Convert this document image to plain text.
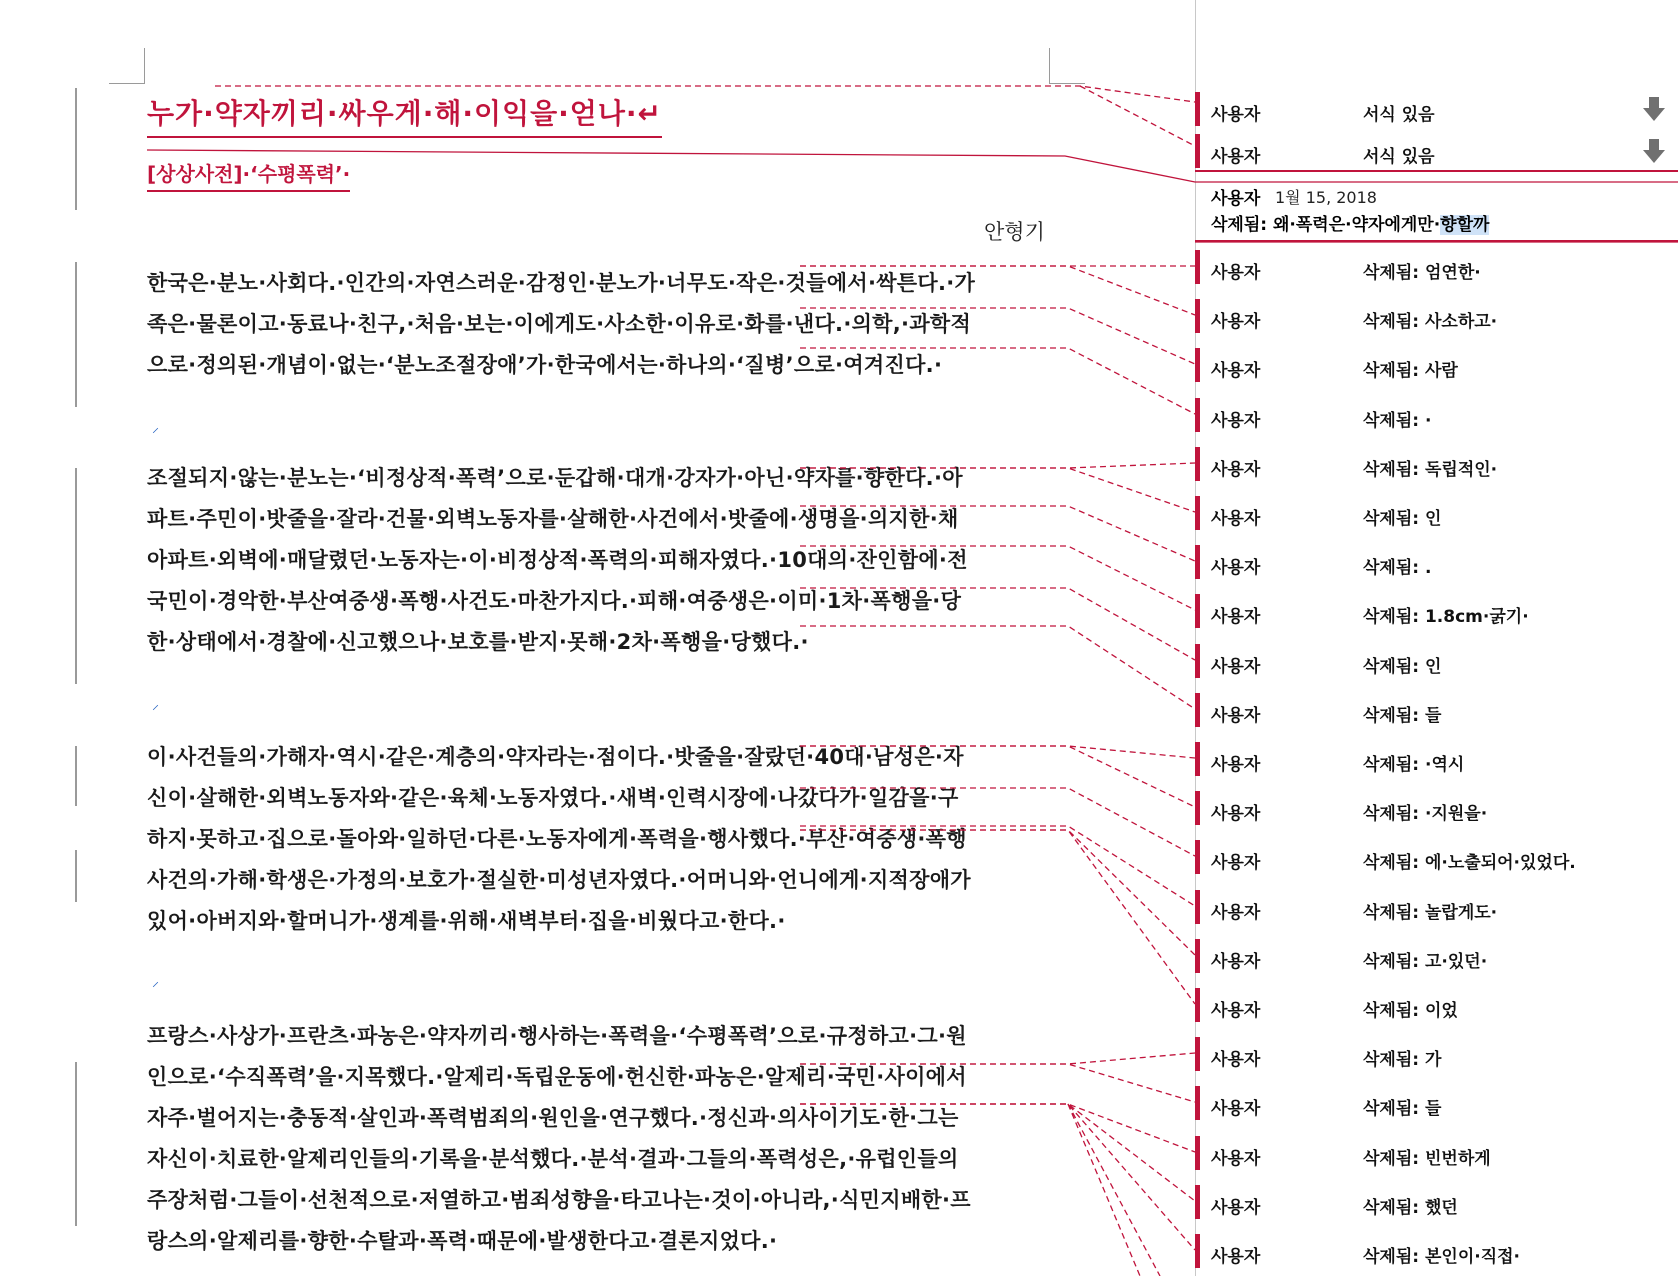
누가·약자끼리·싸우게·해·이익을·얻나·↵
[상상사전]·‘수평폭력’·
안형기
한국은·분노·사회다.·인간의·자연스러운·감정인·분노가·너무도·작은·것들에서·싹튼다.·가
족은·물론이고·동료나·친구,·처음·보는·이에게도·사소한·이유로·화를·낸다.·의학,·과학적
으로·정의된·개념이·없는·‘분노조절장애’가·한국에서는·하나의·‘질병’으로·여겨진다.·
⸝
조절되지·않는·분노는·‘비정상적·폭력’으로·둔갑해·대개·강자가·아닌·약자를·향한다.·아
파트·주민이·밧줄을·잘라·건물·외벽노동자를·살해한·사건에서·밧줄에·생명을·의지한·채
아파트·외벽에·매달렸던·노동자는·이·비정상적·폭력의·피해자였다.·10대의·잔인함에·전
국민이·경악한·부산여중생·폭행·사건도·마찬가지다.·피해·여중생은·이미·1차·폭행을·당
한·상태에서·경찰에·신고했으나·보호를·받지·못해·2차·폭행을·당했다.·
⸝
이·사건들의·가해자·역시·같은·계층의·약자라는·점이다.·밧줄을·잘랐던·40대·남성은·자
신이·살해한·외벽노동자와·같은·육체·노동자였다.·새벽·인력시장에·나갔다가·일감을·구
하지·못하고·집으로·돌아와·일하던·다른·노동자에게·폭력을·행사했다.·부산·여중생·폭행
사건의·가해·학생은·가정의·보호가·절실한·미성년자였다.·어머니와·언니에게·지적장애가
있어·아버지와·할머니가·생계를·위해·새벽부터·집을·비웠다고·한다.·
⸝
프랑스·사상가·프란츠·파농은·약자끼리·행사하는·폭력을·‘수평폭력’으로·규정하고·그·원
인으로·‘수직폭력’을·지목했다.·알제리·독립운동에·헌신한·파농은·알제리·국민·사이에서
자주·벌어지는·충동적·살인과·폭력범죄의·원인을·연구했다.·정신과·의사이기도·한·그는
자신이·치료한·알제리인들의·기록을·분석했다.·분석·결과·그들의·폭력성은,·유럽인들의
주장처럼·그들이·선천적으로·저열하고·범죄성향을·타고나는·것이·아니라,·식민지배한·프
랑스의·알제리를·향한·수탈과·폭력·때문에·발생한다고·결론지었다.·
사용자	서식 있음
사용자	서식 있음
사용자 1월 15, 2018
삭제됨: 왜·폭력은·약자에게만·향할까
사용자	삭제됨: 엄연한·
사용자	삭제됨: 사소하고·
사용자	삭제됨: 사람
사용자	삭제됨: ·
사용자	삭제됨: 독립적인·
사용자	삭제됨: 인
사용자	삭제됨: .
사용자	삭제됨: 1.8cm·굵기·
사용자	삭제됨: 인
사용자	삭제됨: 들
사용자	삭제됨: ·역시
사용자	삭제됨: ·지원을·
사용자	삭제됨: 에·노출되어·있었다.
사용자	삭제됨: 놀랍게도·
사용자	삭제됨: 고·있던·
사용자	삭제됨: 이었
사용자	삭제됨: 가
사용자	삭제됨: 들
사용자	삭제됨: 빈번하게
사용자	삭제됨: 했던
사용자	삭제됨: 본인이·직접·
